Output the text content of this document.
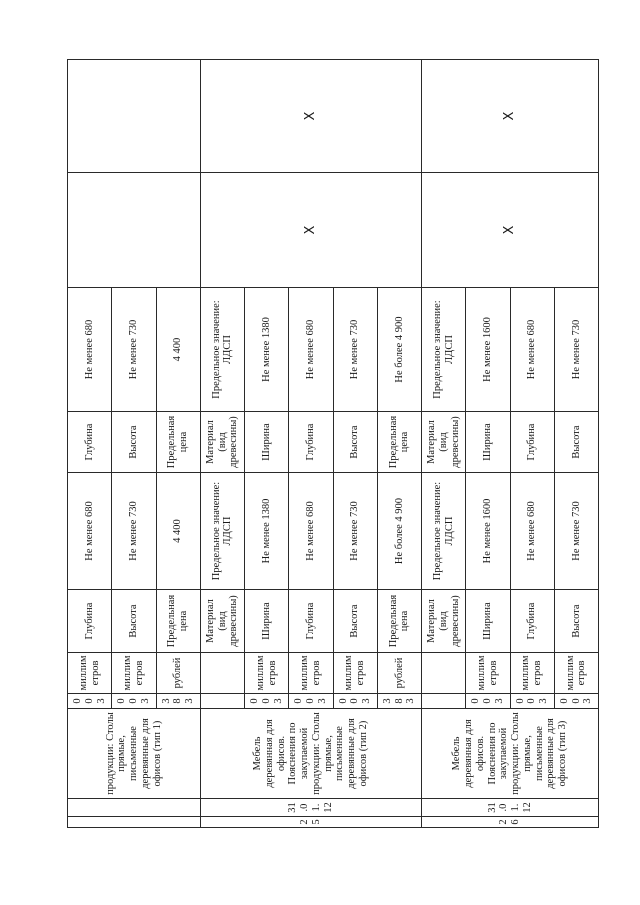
		продукции: Столы прямые, письменные деревянные для офисов (тип 1)	003	миллиметров	Глубина	Не менее 680	Глубина	Не менее 680		
			003	миллиметров	Высота	Не менее 730	Высота	Не менее 730		
			383	рублей	Предельная цена	4 400	Предельная цена	4 400		
25	31.01.12	Мебель деревянная для офисов. Пояснения по закупаемой продукции: Столы прямые, письменные деревянные для офисов (тип 2)			Материал (вид древесины)	Предельное значение: ЛДСП	Материал (вид древесины)	Предельное значение: ЛДСП	X	X
			003	миллиметров	Ширина	Не менее 1380	Ширина	Не менее 1380		
			003	миллиметров	Глубина	Не менее 680	Глубина	Не менее 680		
			003	миллиметров	Высота	Не менее 730	Высота	Не менее 730		
			383	рублей	Предельная цена	Не более 4 900	Предельная цена	Не более 4 900		
26	31.01.12	Мебель деревянная для офисов. Пояснения по закупаемой продукции: Столы прямые, письменные деревянные для офисов (тип 3)			Материал (вид древесины)	Предельное значение: ЛДСП	Материал (вид древесины)	Предельное значение: ЛДСП	X	X
			003	миллиметров	Ширина	Не менее 1600	Ширина	Не менее 1600		
			003	миллиметров	Глубина	Не менее 680	Глубина	Не менее 680		
			003	миллиметров	Высота	Не менее 730	Высота	Не менее 730		
